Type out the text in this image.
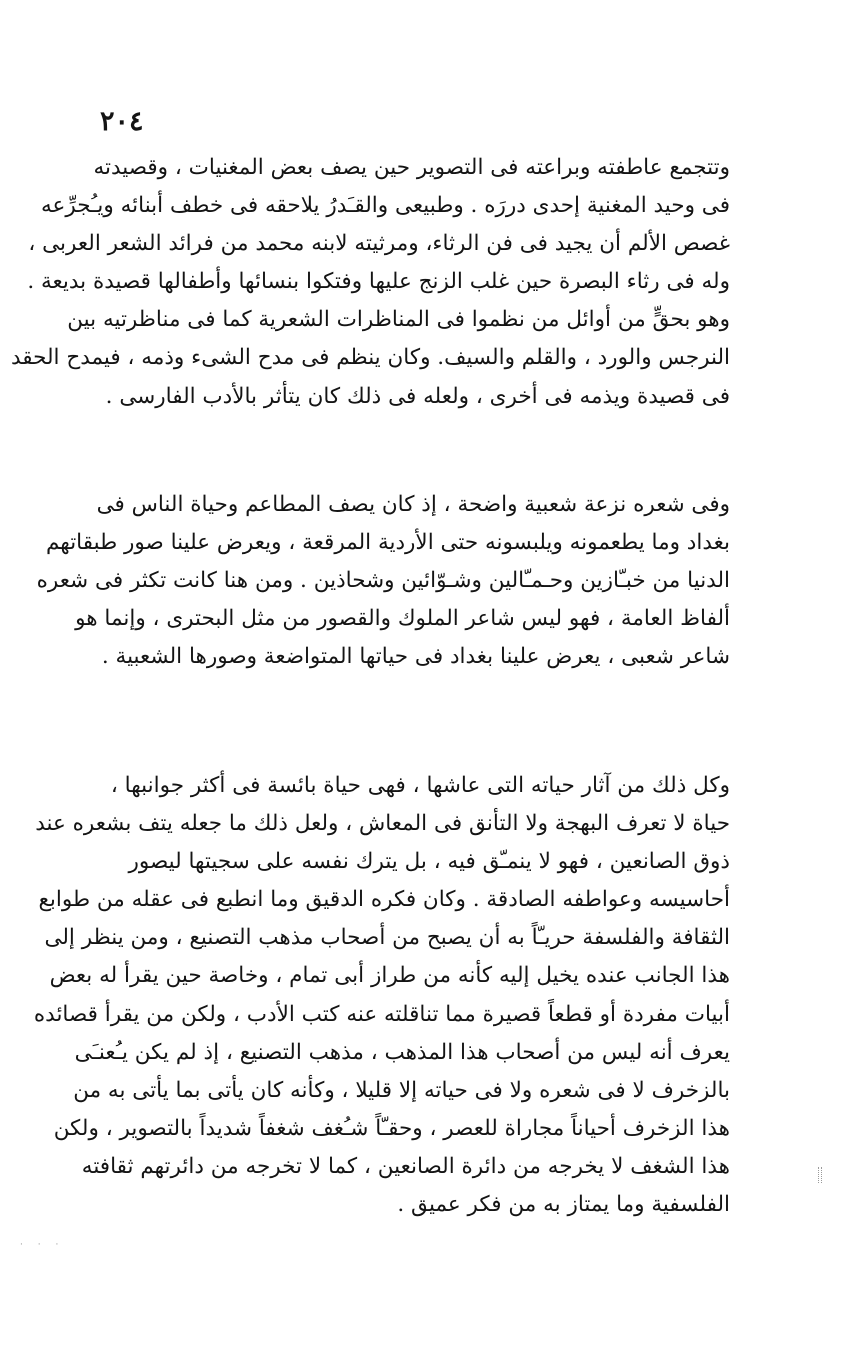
٢٠٤

وتتجمع عاطفته وبراعته فى التصوير حين يصف بعض المغنيات ، وقصيدته
فى وحيد المغنية إحدى دررَه . وطبيعى والقـَدرُ يلاحقه فى خطف أبنائه ويـُجرِّعه
غصص الألم أن يجيد فى فن الرثاء، ومرثيته لابنه محمد من فرائد الشعر العربى ،
وله فى رثاء البصرة حين غلب الزنج عليها وفتكوا بنسائها وأطفالها قصيدة بديعة .
وهو بحقٍّ من أوائل من نظموا فى المناظرات الشعرية كما فى مناظرتيه بين
النرجس والورد ، والقلم والسيف. وكان ينظم فى مدح الشىء وذمه ، فيمدح الحقد
فى قصيدة ويذمه فى أخرى ، ولعله فى ذلك كان يتأثر بالأدب الفارسى .

وفى شعره نزعة شعبية واضحة ، إذ كان يصف المطاعم وحياة الناس فى
بغداد وما يطعمونه ويلبسونه حتى الأردية المرقعة ، ويعرض علينا صور طبقاتهم
الدنيا من خبـّازين وحـمـّالين وشـوّائين وشحاذين . ومن هنا كانت تكثر فى شعره
ألفاظ العامة ، فهو ليس شاعر الملوك والقصور من مثل البحترى ، وإنما هو
شاعر شعبى ، يعرض علينا بغداد فى حياتها المتواضعة وصورها الشعبية .

وكل ذلك من آثار حياته التى عاشها ، فهى حياة بائسة فى أكثر جوانبها ،
حياة لا تعرف البهجة ولا التأنق فى المعاش ، ولعل ذلك ما جعله يتف بشعره عند
ذوق الصانعين ، فهو لا ينمـّق فيه ، بل يترك نفسه على سجيتها ليصور
أحاسيسه وعواطفه الصادقة . وكان فكره الدقيق وما انطبع فى عقله من طوابع
الثقافة والفلسفة حريـّاً به أن يصبح من أصحاب مذهب التصنيع ، ومن ينظر إلى
هذا الجانب عنده يخيل إليه كأنه من طراز أبى تمام ، وخاصة حين يقرأ له بعض
أبيات مفردة أو قطعاً قصيرة مما تناقلته عنه كتب الأدب ، ولكن من يقرأ قصائده
يعرف أنه ليس من أصحاب هذا المذهب ، مذهب التصنيع ، إذ لم يكن يـُعنـَى
بالزخرف لا فى شعره ولا فى حياته إلا قليلا ، وكأنه كان يأتى بما يأتى به من
هذا الزخرف أحياناً مجاراة للعصر ، وحقـّاً شـُغف شغفاً شديداً بالتصوير ، ولكن
هذا الشغف لا يخرجه من دائرة الصانعين ، كما لا تخرجه من دائرتهم ثقافته
الفلسفية وما يمتاز به من فكر عميق .

· · ·
